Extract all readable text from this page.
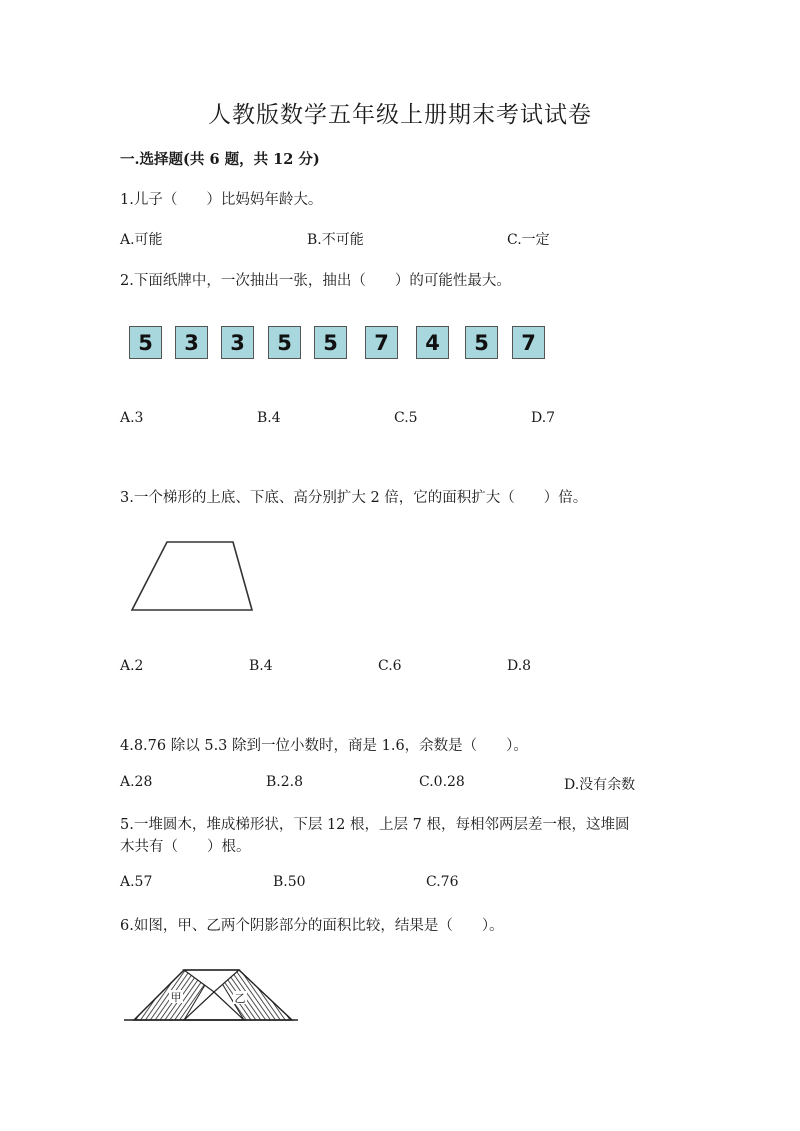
人教版数学五年级上册期末考试试卷
一.选择题(共 6 题，共 12 分)
1.儿子（　　）比妈妈年龄大。
A.可能	B.不可能	C.一定
2.下面纸牌中，一次抽出一张，抽出（　　）的可能性最大。
5	3	3	5	5	7	4	5	7
A.3	B.4	C.5	D.7
3.一个梯形的上底、下底、高分别扩大 2 倍，它的面积扩大（　　）倍。
A.2	B.4	C.6	D.8
4.8.76 除以 5.3 除到一位小数时，商是 1.6，余数是（　　）。
A.28	B.2.8	C.0.28	D.没有余数
5.一堆圆木，堆成梯形状，下层 12 根，上层 7 根，每相邻两层差一根，这堆圆
木共有（　　）根。
A.57	B.50	C.76
6.如图，甲、乙两个阴影部分的面积比较，结果是（　　）。
甲	乙
